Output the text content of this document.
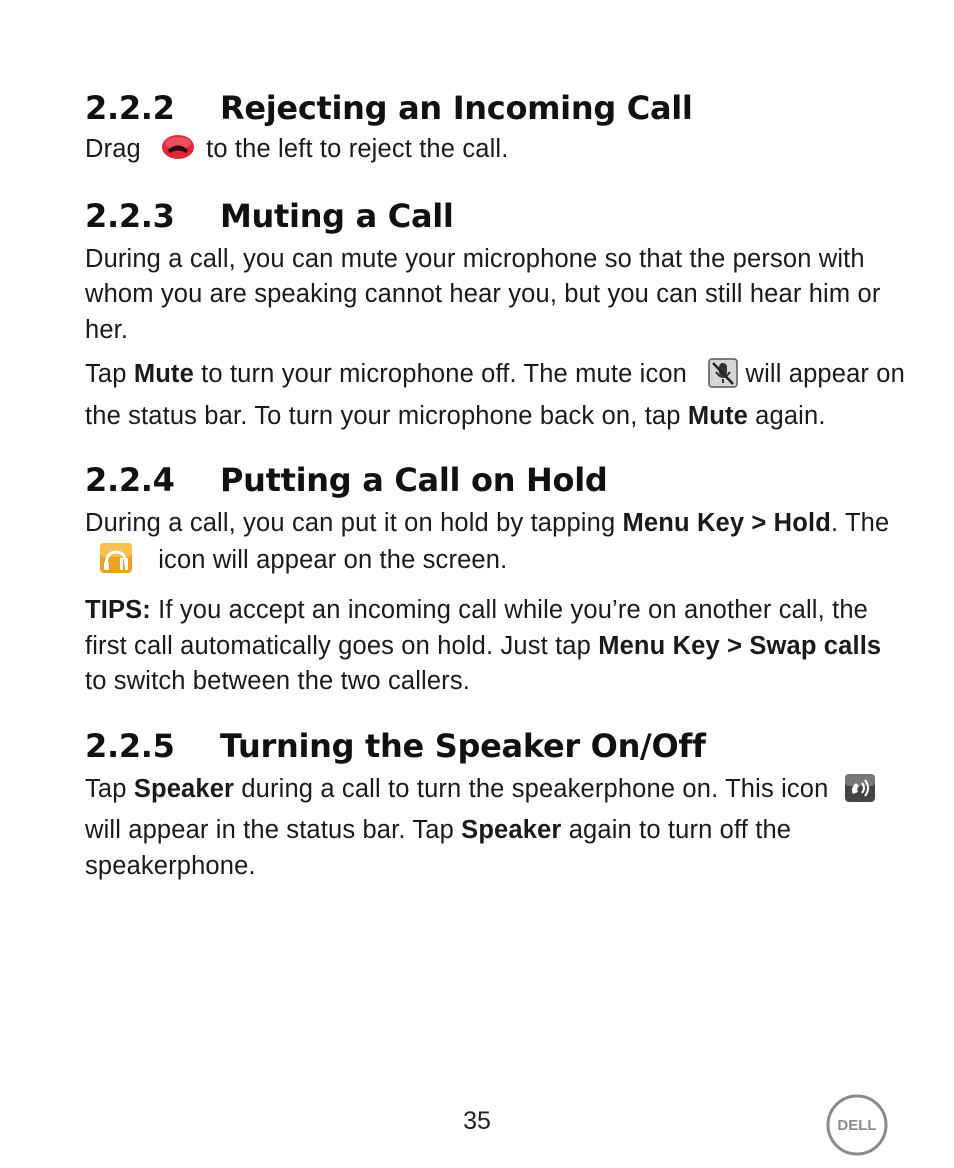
2.2.2 Rejecting an Incoming Call

Drag	to the left to reject the call.

2.2.3 Muting a Call

During a call, you can mute your microphone so that the person with whom you are speaking cannot hear you, but you can still hear him or her.

Tap Mute to turn your microphone off. The mute icon  will appear on the status bar. To turn your microphone back on, tap Mute again.

2.2.4 Putting a Call on Hold

During a call, you can put it on hold by tapping Menu Key > Hold. The  icon will appear on the screen.

TIPS: If you accept an incoming call while you’re on another call, the first call automatically goes on hold. Just tap Menu Key > Swap calls to switch between the two callers.

2.2.5 Turning the Speaker On/Off

Tap Speaker during a call to turn the speakerphone on. This icon  will appear in the status bar. Tap Speaker again to turn off the speakerphone.

35	DELL
